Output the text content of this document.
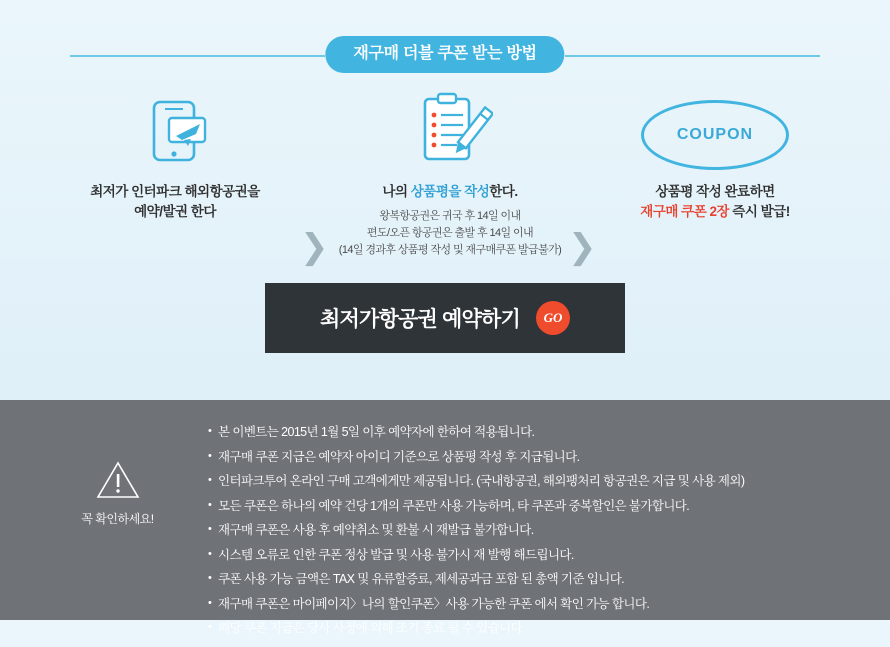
재구매 더블 쿠폰 받는 방법
최저가 인터파크 해외항공권을
예약/발권 한다
나의 상품평을 작성한다.
왕복항공권은 귀국 후 14일 이내
편도/오픈 항공권은 출발 후 14일 이내
(14일 경과후 상품평 작성 및 재구매쿠폰 발급불가)
COUPON
상품평 작성 완료하면
재구매 쿠폰 2장 즉시 발급!
❯	❯
최저가항공권 예약하기	GO
꼭 확인하세요!
• 본 이벤트는 2015년 1월 5일 이후 예약자에 한하여 적용됩니다.
• 재구매 쿠폰 지급은 예약자 아이디 기준으로 상품평 작성 후 지급됩니다.
• 인터파크투어 온라인 구매 고객에게만 제공됩니다. (국내항공권, 해외팽처리 항공권은 지급 및 사용 제외)
• 모든 쿠폰은 하나의 예약 건당 1개의 쿠폰만 사용 가능하며, 타 쿠폰과 중복할인은 불가합니다.
• 재구매 쿠폰은 사용 후 예약취소 및 환불 시 재발급 불가합니다.
• 시스템 오류로 인한 쿠폰 정상 발급 및 사용 불가시 재 발행 해드립니다.
• 쿠폰 사용 가능 금액은 TAX 및 유류할증료, 제세공과금 포함 된 총액 기준 입니다.
• 재구매 쿠폰은 마이페이지〉나의 할인쿠폰〉사용 가능한 쿠폰 에서 확인 가능 합니다.
• 해당 쿠폰 지급은 당사 사정에 의해 조기 종료 될 수 있습니다
